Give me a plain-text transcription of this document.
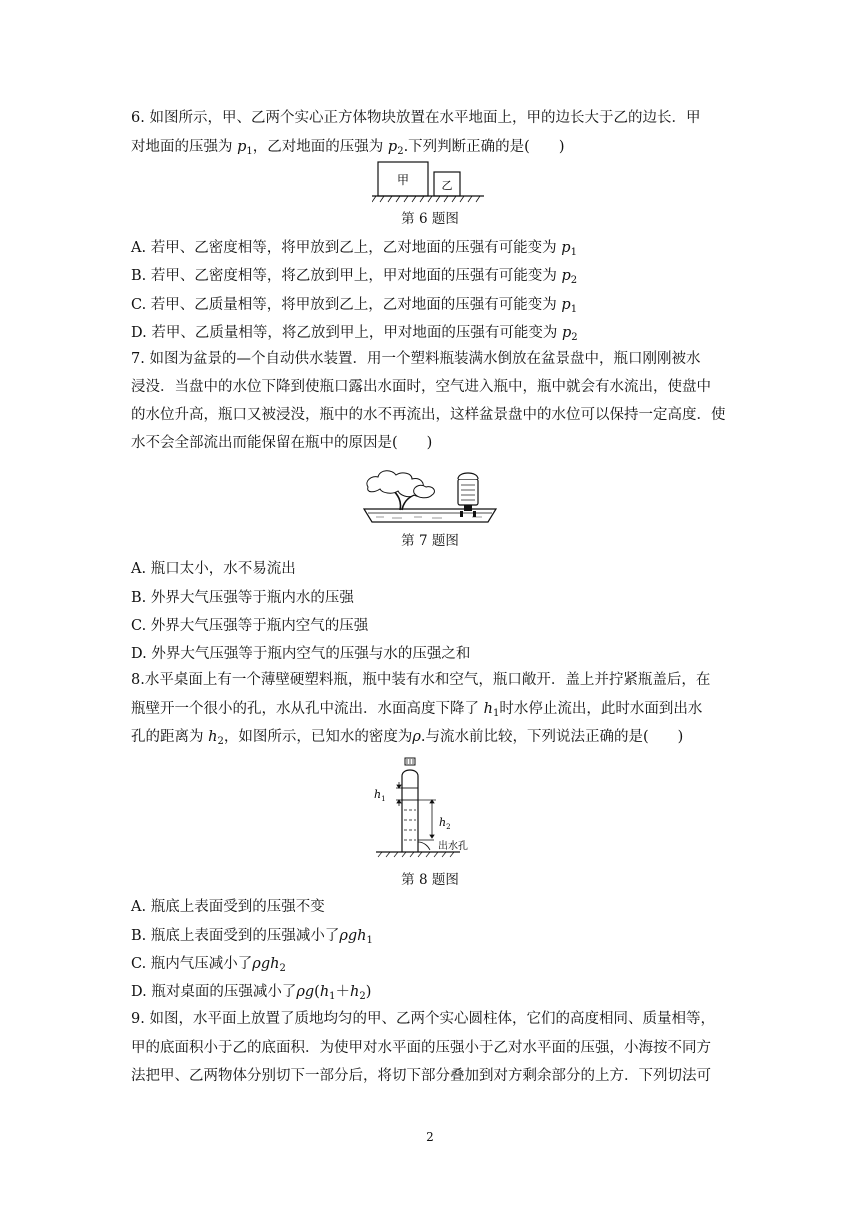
6. 如图所示，甲、乙两个实心正方体物块放置在水平地面上，甲的边长大于乙的边长．甲
对地面的压强为 $p_1$，乙对地面的压强为 $p_2$.下列判断正确的是(　　)
甲	乙
第 6 题图
A. 若甲、乙密度相等，将甲放到乙上，乙对地面的压强有可能变为 $p_1$
B. 若甲、乙密度相等，将乙放到甲上，甲对地面的压强有可能变为 $p_2$
C. 若甲、乙质量相等，将甲放到乙上，乙对地面的压强有可能变为 $p_1$
D. 若甲、乙质量相等，将乙放到甲上，甲对地面的压强有可能变为 $p_2$
7. 如图为盆景的—个自动供水装置．用一个塑料瓶装满水倒放在盆景盘中，瓶口刚刚被水
浸没．当盘中的水位下降到使瓶口露出水面时，空气进入瓶中，瓶中就会有水流出，使盘中
的水位升高，瓶口又被浸没，瓶中的水不再流出，这样盆景盘中的水位可以保持一定高度．使
水不会全部流出而能保留在瓶中的原因是(　　)
第 7 题图
A. 瓶口太小，水不易流出
B. 外界大气压强等于瓶内水的压强
C. 外界大气压强等于瓶内空气的压强
D. 外界大气压强等于瓶内空气的压强与水的压强之和
8.水平桌面上有一个薄壁硬塑料瓶，瓶中装有水和空气，瓶口敞开．盖上并拧紧瓶盖后，在
瓶壁开一个很小的孔，水从孔中流出．水面高度下降了 $h_1$时水停止流出，此时水面到出水
孔的距离为 $h_2$，如图所示，已知水的密度为ρ.与流水前比较，下列说法正确的是(　　)
$h_1$
$h_2$
出水孔
第 8 题图
A. 瓶底上表面受到的压强不变
B. 瓶底上表面受到的压强减小了ρgh$_1$
C. 瓶内气压减小了ρgh$_2$
D. 瓶对桌面的压强减小了$\rho g(h_1+h_2)$
9. 如图，水平面上放置了质地均匀的甲、乙两个实心圆柱体，它们的高度相同、质量相等，
甲的底面积小于乙的底面积．为使甲对水平面的压强小于乙对水平面的压强，小海按不同方
法把甲、乙两物体分别切下一部分后，将切下部分叠加到对方剩余部分的上方．下列切法可
2
